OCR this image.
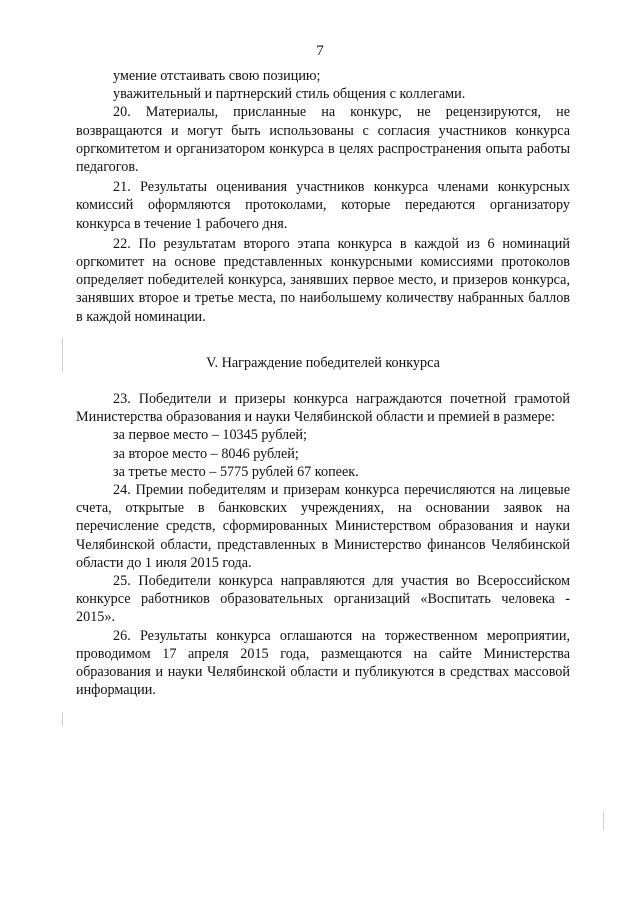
7

умение отстаивать свою позицию;

уважительный и партнерский стиль общения с коллегами.

20. Материалы, присланные на конкурс, не рецензируются, не возвращаются и могут быть использованы с согласия участников конкурса оргкомитетом и организатором конкурса в целях распространения опыта работы педагогов.

21. Результаты оценивания участников конкурса членами конкурсных комиссий оформляются протоколами, которые передаются организатору конкурса в течение 1 рабочего дня.

22. По результатам второго этапа конкурса в каждой из 6 номинаций оргкомитет на основе представленных конкурсными комиссиями протоколов определяет победителей конкурса, занявших первое место, и призеров конкурса, занявших второе и третье места, по наибольшему количеству набранных баллов в каждой номинации.

V. Награждение победителей конкурса

23. Победители и призеры конкурса награждаются почетной грамотой Министерства образования и науки Челябинской области и премией в размере:

за первое место – 10345 рублей;

за второе место – 8046 рублей;

за третье место – 5775 рублей 67 копеек.

24. Премии победителям и призерам конкурса перечисляются на лицевые счета, открытые в банковских учреждениях, на основании заявок на перечисление средств, сформированных Министерством образования и науки Челябинской области, представленных в Министерство финансов Челябинской области до 1 июля 2015 года.

25. Победители конкурса направляются для участия во Всероссийском конкурсе работников образовательных организаций «Воспитать человека - 2015».

26. Результаты конкурса оглашаются на торжественном мероприятии, проводимом 17 апреля 2015 года, размещаются на сайте Министерства образования и науки Челябинской области и публикуются в средствах массовой информации.
